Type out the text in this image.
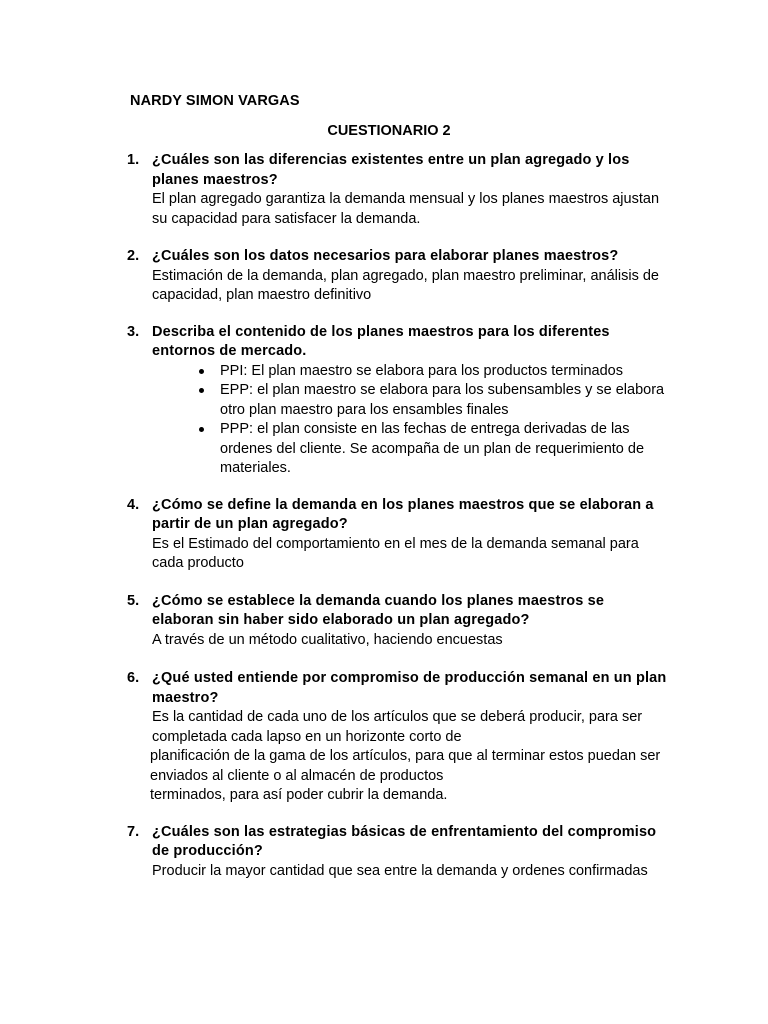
NARDY SIMON VARGAS
CUESTIONARIO 2
1. ¿Cuáles son las diferencias existentes entre un plan agregado y los planes maestros?
El plan agregado garantiza la demanda mensual y los planes maestros ajustan su capacidad para satisfacer la demanda.
2. ¿Cuáles son los datos necesarios para elaborar planes maestros?
Estimación de la demanda, plan agregado, plan maestro preliminar, análisis de capacidad, plan maestro definitivo
3. Describa el contenido de los planes maestros para los diferentes entornos de mercado.
PPI: El plan maestro se elabora para los productos terminados
EPP: el plan maestro se elabora para los subensambles y se elabora otro plan maestro para los ensambles finales
PPP: el plan consiste en las fechas de entrega derivadas de las ordenes del cliente. Se acompaña de un plan de requerimiento de materiales.
4. ¿Cómo se define la demanda en los planes maestros que se elaboran a partir de un plan agregado?
Es el Estimado del comportamiento en el mes de la demanda semanal para cada producto
5. ¿Cómo se establece la demanda cuando los planes maestros se elaboran sin haber sido elaborado un plan agregado?
A través de un método cualitativo, haciendo encuestas
6. ¿Qué usted entiende por compromiso de producción semanal en un plan maestro?
Es la cantidad de cada uno de los artículos que se deberá producir, para ser completada cada lapso en un horizonte corto de
planificación de la gama de los artículos, para que al terminar estos puedan ser enviados al cliente o al almacén de productos
terminados, para así poder cubrir la demanda.
7. ¿Cuáles son las estrategias básicas de enfrentamiento del compromiso de producción?
Producir la mayor cantidad que sea entre la demanda y ordenes confirmadas
